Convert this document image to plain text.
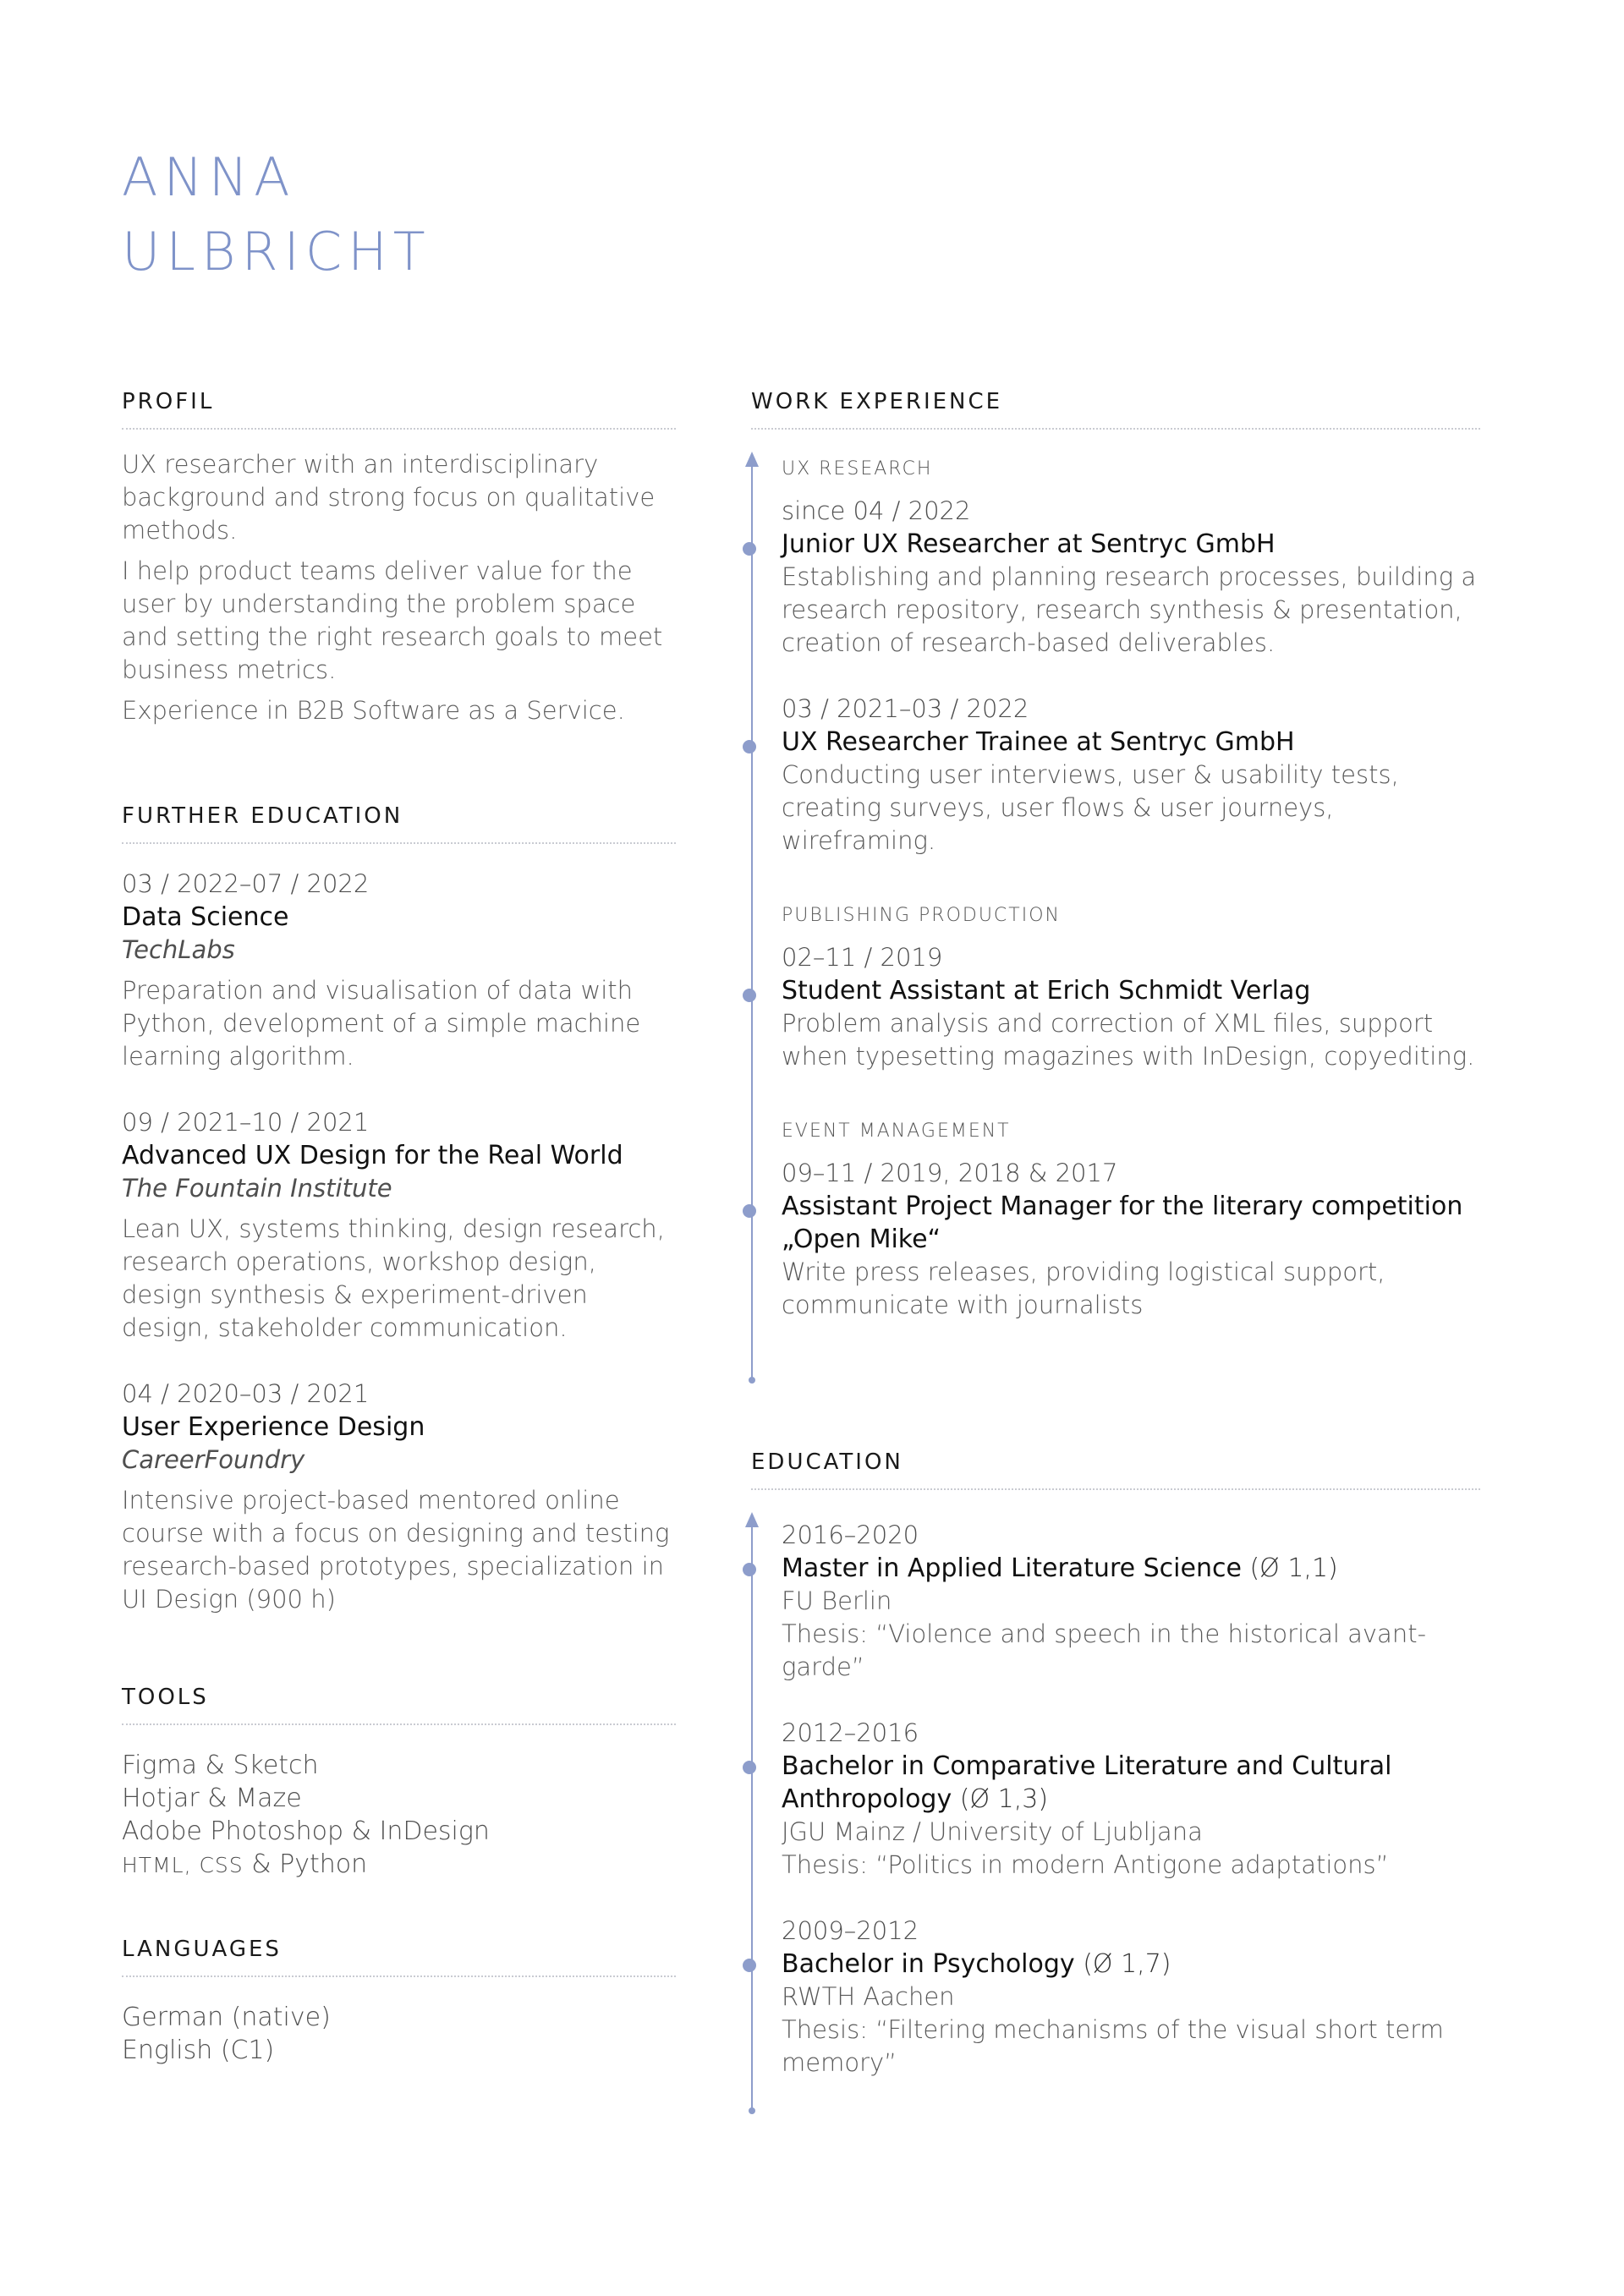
ANNA
ULBRICHT
PROFIL

UX researcher with an interdisciplinary background and strong focus on qualitative methods.

I help product teams deliver value for the user by understanding the problem space and setting the right research goals to meet business metrics.

Experience in B2B Software as a Service.

FURTHER EDUCATION
03 / 2022–07 / 2022
Data Science
TechLabs
Preparation and visualisation of data with Python, development of a simple machine learning algorithm.
09 / 2021–10 / 2021
Advanced UX Design for the Real World
The Fountain Institute
Lean UX, systems thinking, design research, research operations, workshop design, design synthesis & experiment-driven design, stakeholder communication.
04 / 2020–03 / 2021
User Experience Design
CareerFoundry
Intensive project-based mentored online course with a focus on designing and testing research-based prototypes, specialization in UI Design (900 h)
TOOLS
Figma & Sketch
Hotjar & Maze
Adobe Photoshop & InDesign
HTML, CSS & Python
LANGUAGES
German (native)
English (C1)
WORK EXPERIENCE
UX RESEARCH
since 04 / 2022
Junior UX Researcher at Sentryc GmbH
Establishing and planning research processes, building a research repository, research synthesis & presentation, creation of research-based deliverables.
03 / 2021–03 / 2022
UX Researcher Trainee at Sentryc GmbH
Conducting user interviews, user & usability tests, creating surveys, user flows & user journeys, wireframing.
PUBLISHING PRODUCTION
02–11 / 2019
Student Assistant at Erich Schmidt Verlag
Problem analysis and correction of XML files, support when typesetting magazines with InDesign, copyediting.
EVENT MANAGEMENT
09–11 / 2019, 2018 & 2017
Assistant Project Manager for the literary competition „Open Mike“
Write press releases, providing logistical support, communicate with journalists
EDUCATION
2016–2020
Master in Applied Literature Science (Ø 1,1)
FU Berlin
Thesis: “Violence and speech in the historical avant-garde”
2012–2016
Bachelor in Comparative Literature and Cultural Anthropology (Ø 1,3)
JGU Mainz / University of Ljubljana
Thesis: “Politics in modern Antigone adaptations”
2009–2012
Bachelor in Psychology (Ø 1,7)
RWTH Aachen
Thesis: “Filtering mechanisms of the visual short term memory”
